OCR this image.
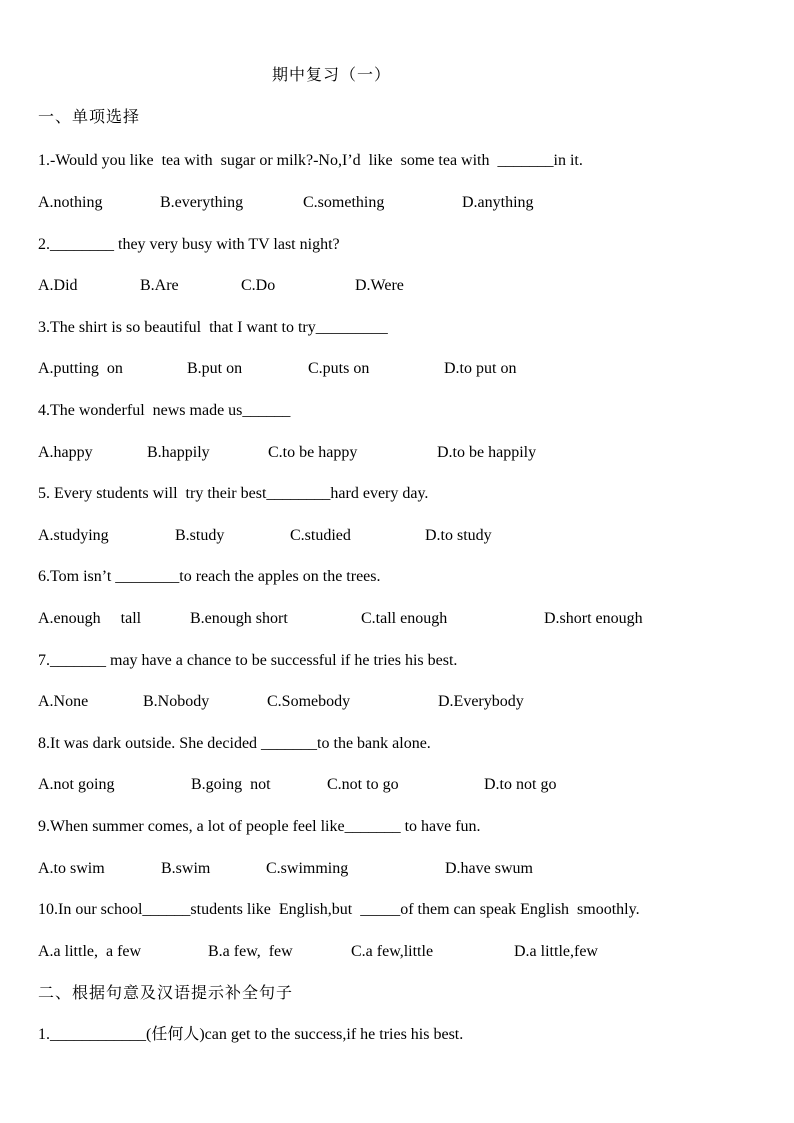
期中复习（一）
一、单项选择
1.-Would you like  tea with  sugar or milk?-No,I’d  like  some tea with  _______in it.
A.nothing	B.everything	C.something	D.anything
2.________ they very busy with TV last night?
A.Did	B.Are	C.Do	D.Were
3.The shirt is so beautiful  that I want to try_________
A.putting  on	B.put on	C.puts on	D.to put on
4.The wonderful  news made us______
A.happy	B.happily	C.to be happy	D.to be happily
5. Every students will  try their best________hard every day.
A.studying	B.study	C.studied	D.to study
6.Tom isn’t ________to reach the apples on the trees.
A.enough     tall	B.enough short	C.tall enough	D.short enough
7._______ may have a chance to be successful if he tries his best.
A.None	B.Nobody	C.Somebody	D.Everybody
8.It was dark outside. She decided _______to the bank alone.
A.not going	B.going  not	C.not to go	D.to not go
9.When summer comes, a lot of people feel like_______ to have fun.
A.to swim	B.swim	C.swimming	D.have swum
10.In our school______students like  English,but  _____of them can speak English  smoothly.
A.a little,  a few	B.a few,  few	C.a few,little	D.a little,few
二、根据句意及汉语提示补全句子
1.____________(任何人)can get to the success,if he tries his best.
